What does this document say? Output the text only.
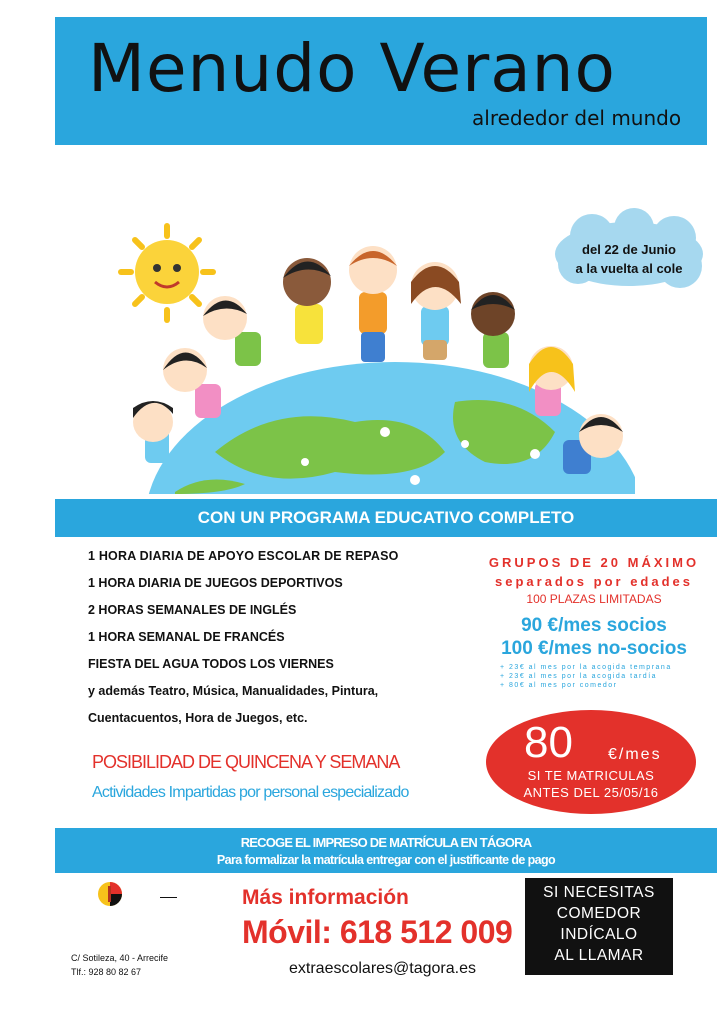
Menudo Verano
alrededor del mundo
del 22 de Junio
a la vuelta al cole
CON UN PROGRAMA EDUCATIVO COMPLETO
1 HORA DIARIA DE APOYO ESCOLAR DE REPASO
1 HORA DIARIA DE JUEGOS DEPORTIVOS
2 HORAS SEMANALES DE INGLÉS
1 HORA SEMANAL DE FRANCÉS
FIESTA DEL AGUA TODOS LOS VIERNES
y además Teatro, Música, Manualidades, Pintura,
Cuentacuentos, Hora de Juegos, etc.
POSIBILIDAD DE QUINCENA Y SEMANA
Actividades Impartidas por personal especializado
GRUPOS DE 20 MÁXIMO
separados por edades
100 PLAZAS LIMITADAS
90 €/mes socios
100 €/mes no-socios
+ 23€ al mes por la acogida temprana
+ 23€ al mes por la acogida tardía
+ 80€ al mes por comedor
80 €/mes
SI TE MATRICULAS
ANTES DEL 25/05/16
RECOGE EL IMPRESO DE MATRÍCULA EN TÁGORA
Para formalizar la matrícula entregar con el justificante de pago
Más información
Móvil: 618 512 009
extraescolares@tagora.es
C/ Sotileza, 40 - Arrecife
Tlf.: 928 80 82 67
SI NECESITAS
COMEDOR
INDÍCALO
AL LLAMAR
